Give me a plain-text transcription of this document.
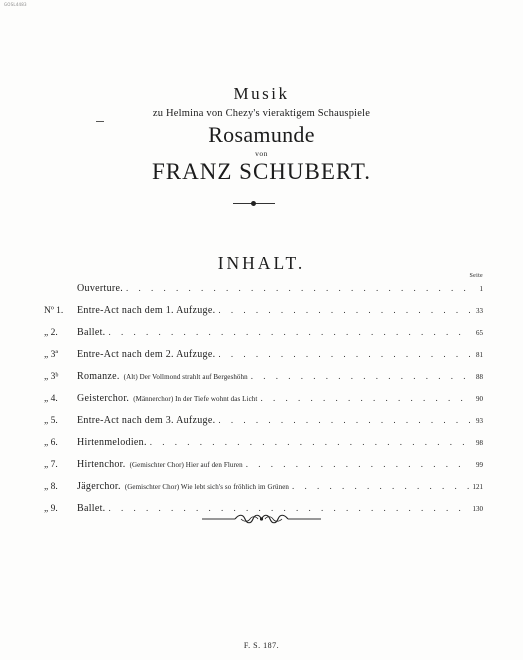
GOSL4483
Musik
zu Helmina von Chezy's vieraktigem Schauspiele
Rosamunde
von
FRANZ SCHUBERT.
INHALT.
Seite
Ouverture. . . .	1
Nº 1.	Entre-Act nach dem 1. Aufzuge. . . .	33
„ 2.	Ballet. . . .	65
„ 3ª	Entre-Act nach dem 2. Aufzuge. . . .	81
„ 3ᵇ	Romanze. (Alt) Der Vollmond strahlt auf Bergeshöhn . . .	88
„ 4.	Geisterchor. (Männerchor) In der Tiefe wohnt das Licht . . .	90
„ 5.	Entre-Act nach dem 3. Aufzuge. . . .	93
„ 6.	Hirtenmelodien. . . .	98
„ 7.	Hirtenchor. (Gemischter Chor) Hier auf den Fluren . . .	99
„ 8.	Jägerchor. (Gemischter Chor) Wie lebt sich's so fröhlich im Grünen . . .	121
„ 9.	Ballet. . . .	130
F. S. 187.
